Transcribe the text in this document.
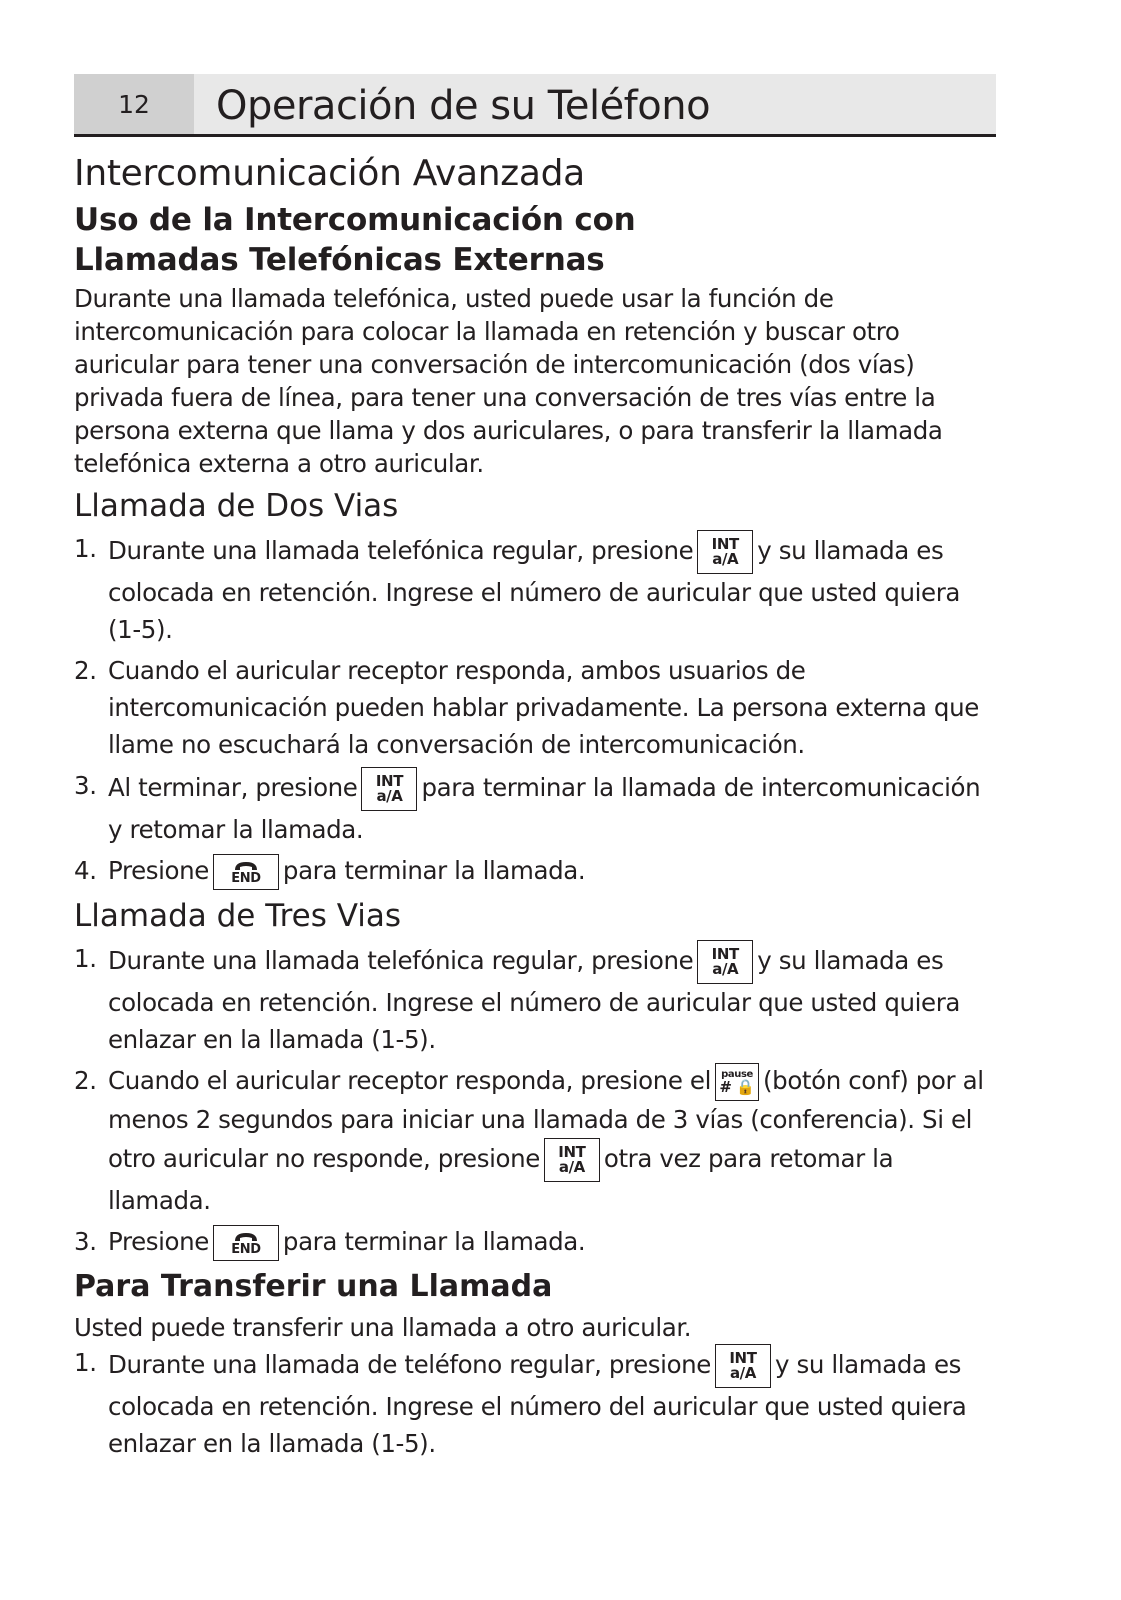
12	Operación de su Teléfono
Intercomunicación Avanzada
Uso de la Intercomunicación con
Llamadas Telefónicas Externas

Durante una llamada telefónica, usted puede usar la función de intercomunicación para colocar la llamada en retención y buscar otro auricular para tener una conversación de intercomunicación (dos vías) privada fuera de línea, para tener una conversación de tres vías entre la persona externa que llama y dos auriculares, o para transferir la llamada telefónica externa a otro auricular.

Llamada de Dos Vias
1. Durante una llamada telefónica regular, presione INT
a/A y su llamada es colocada en retención. Ingrese el número de auricular que usted quiera (1-5).
2. Cuando el auricular receptor responda, ambos usuarios de intercomunicación pueden hablar privadamente. La persona externa que llame no escuchará la conversación de intercomunicación.
3. Al terminar, presione INT
a/A para terminar la llamada de intercomunicación y retomar la llamada.
4. Presione END para terminar la llamada.
Llamada de Tres Vias
1. Durante una llamada telefónica regular, presione INT
a/A y su llamada es colocada en retención. Ingrese el número de auricular que usted quiera enlazar en la llamada (1-5).
2. Cuando el auricular receptor responda, presione el pause
# 🔒 (botón conf) por al menos 2 segundos para iniciar una llamada de 3 vías (conferencia). Si el otro auricular no responde, presione INT
a/A otra vez para retomar la llamada.
3. Presione END para terminar la llamada.
Para Transferir una Llamada

Usted puede transferir una llamada a otro auricular.

1. Durante una llamada de teléfono regular, presione INT
a/A y su llamada es colocada en retención. Ingrese el número del auricular que usted quiera enlazar en la llamada (1-5).
